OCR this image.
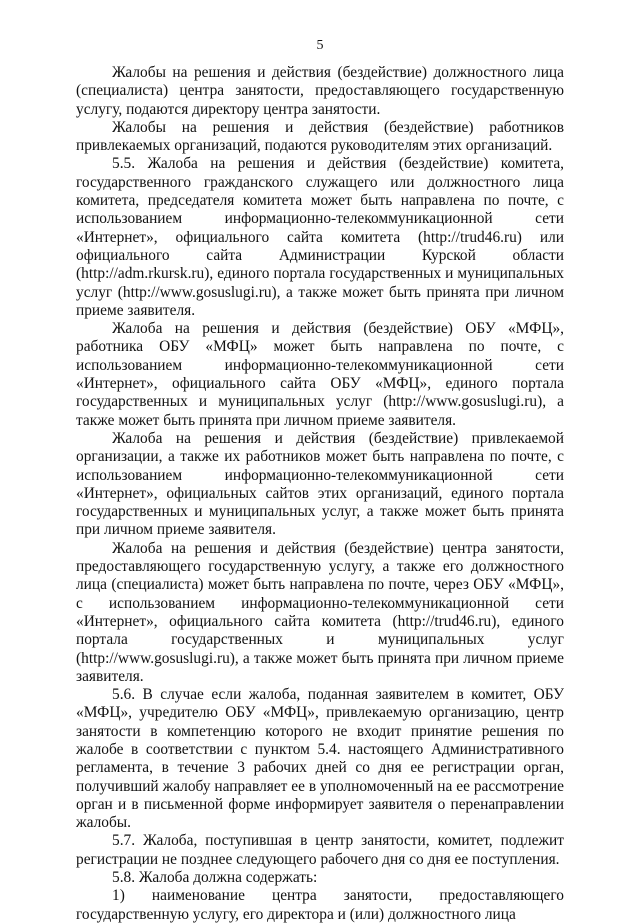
5

Жалобы на решения и действия (бездействие) должностного лица (специалиста) центра занятости, предоставляющего государственную услугу, подаются директору центра занятости.

Жалобы на решения и действия (бездействие) работников привлекаемых организаций, подаются руководителям этих организаций.

5.5. Жалоба на решения и действия (бездействие) комитета, государственного гражданского служащего или должностного лица комитета, председателя комитета может быть направлена по почте, с использованием информационно-телекоммуникационной сети «Интернет», официального сайта комитета (http://trud46.ru) или официального сайта Администрации Курской области (http://adm.rkursk.ru), единого портала государственных и муниципальных услуг (http://www.gosuslugi.ru), а также может быть принята при личном приеме заявителя.

Жалоба на решения и действия (бездействие) ОБУ «МФЦ», работника ОБУ «МФЦ» может быть направлена по почте, с использованием информационно-телекоммуникационной сети «Интернет», официального сайта ОБУ «МФЦ», единого портала государственных и муниципальных услуг (http://www.gosuslugi.ru), а также может быть принята при личном приеме заявителя.

Жалоба на решения и действия (бездействие) привлекаемой организации, а также их работников может быть направлена по почте, с использованием информационно-телекоммуникационной сети «Интернет», официальных сайтов этих организаций, единого портала государственных и муниципальных услуг, а также может быть принята при личном приеме заявителя.

Жалоба на решения и действия (бездействие) центра занятости, предоставляющего государственную услугу, а также его должностного лица (специалиста) может быть направлена по почте, через ОБУ «МФЦ», с использованием информационно-телекоммуникационной сети «Интернет», официального сайта комитета (http://trud46.ru), единого портала государственных и муниципальных услуг (http://www.gosuslugi.ru), а также может быть принята при личном приеме заявителя.

5.6. В случае если жалоба, поданная заявителем в комитет, ОБУ «МФЦ», учредителю ОБУ «МФЦ», привлекаемую организацию, центр занятости в компетенцию которого не входит принятие решения по жалобе в соответствии с пунктом 5.4. настоящего Административного регламента, в течение 3 рабочих дней со дня ее регистрации орган, получивший жалобу направляет ее в уполномоченный на ее рассмотрение орган и в письменной форме информирует заявителя о перенаправлении жалобы.

5.7. Жалоба, поступившая в центр занятости, комитет, подлежит регистрации не позднее следующего рабочего дня со дня ее поступления.

5.8. Жалоба должна содержать:

1) наименование центра занятости, предоставляющего государственную услугу, его директора и (или) должностного лица
